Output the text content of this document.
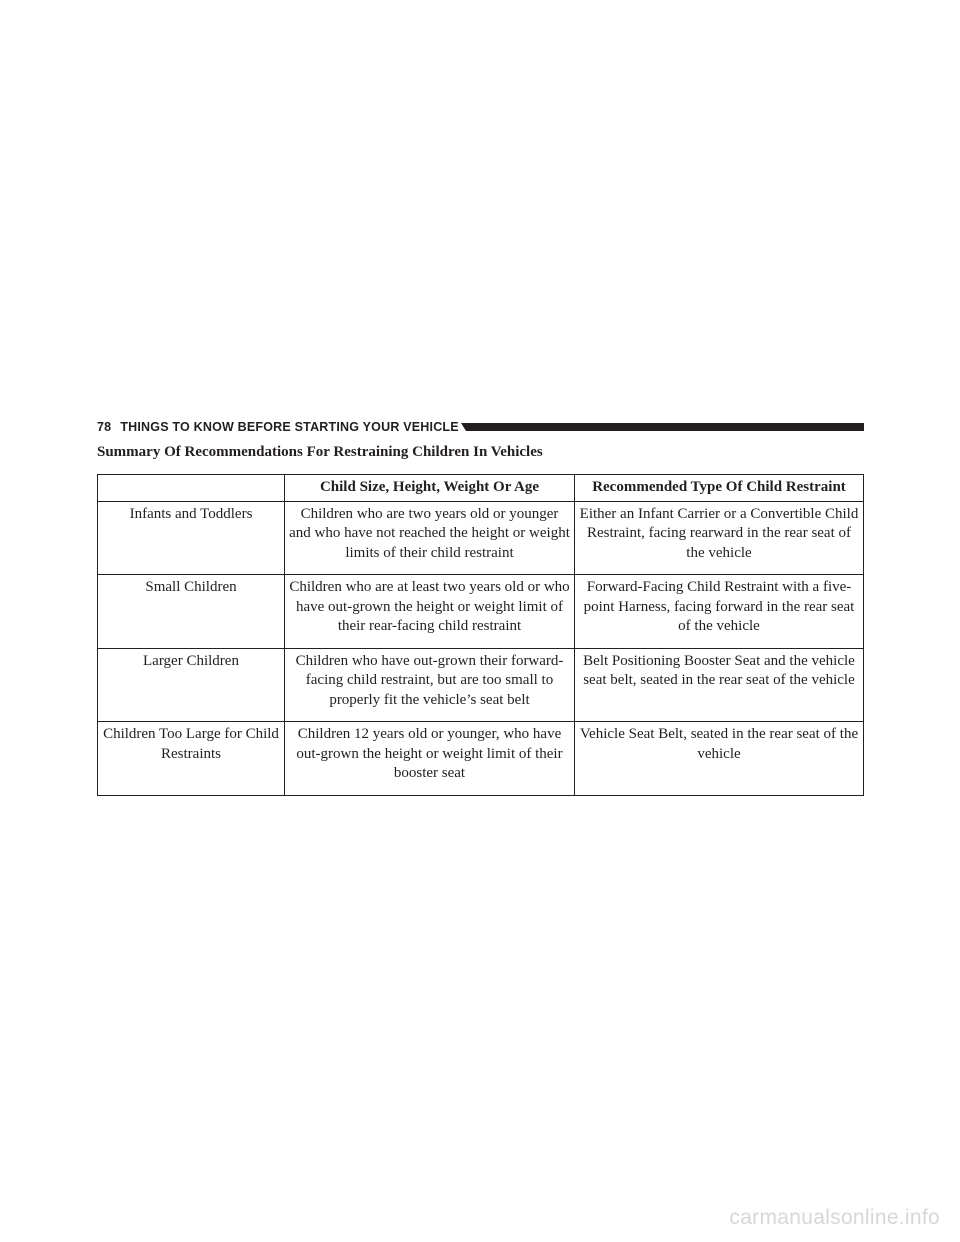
78 THINGS TO KNOW BEFORE STARTING YOUR VEHICLE
Summary Of Recommendations For Restraining Children In Vehicles
	Child Size, Height, Weight Or Age	Recommended Type Of Child Restraint
Infants and Toddlers	Children who are two years old or younger and who have not reached the height or weight limits of their child restraint	Either an Infant Carrier or a Convertible Child Restraint, facing rearward in the rear seat of the vehicle
Small Children	Children who are at least two years old or who have out-grown the height or weight limit of their rear-facing child restraint	Forward-Facing Child Restraint with a five-point Harness, facing forward in the rear seat of the vehicle
Larger Children	Children who have out-grown their forward-facing child restraint, but are too small to properly fit the vehicle’s seat belt	Belt Positioning Booster Seat and the vehicle seat belt, seated in the rear seat of the vehicle
Children Too Large for Child Restraints	Children 12 years old or younger, who have out-grown the height or weight limit of their booster seat	Vehicle Seat Belt, seated in the rear seat of the vehicle
carmanualsonline.info
